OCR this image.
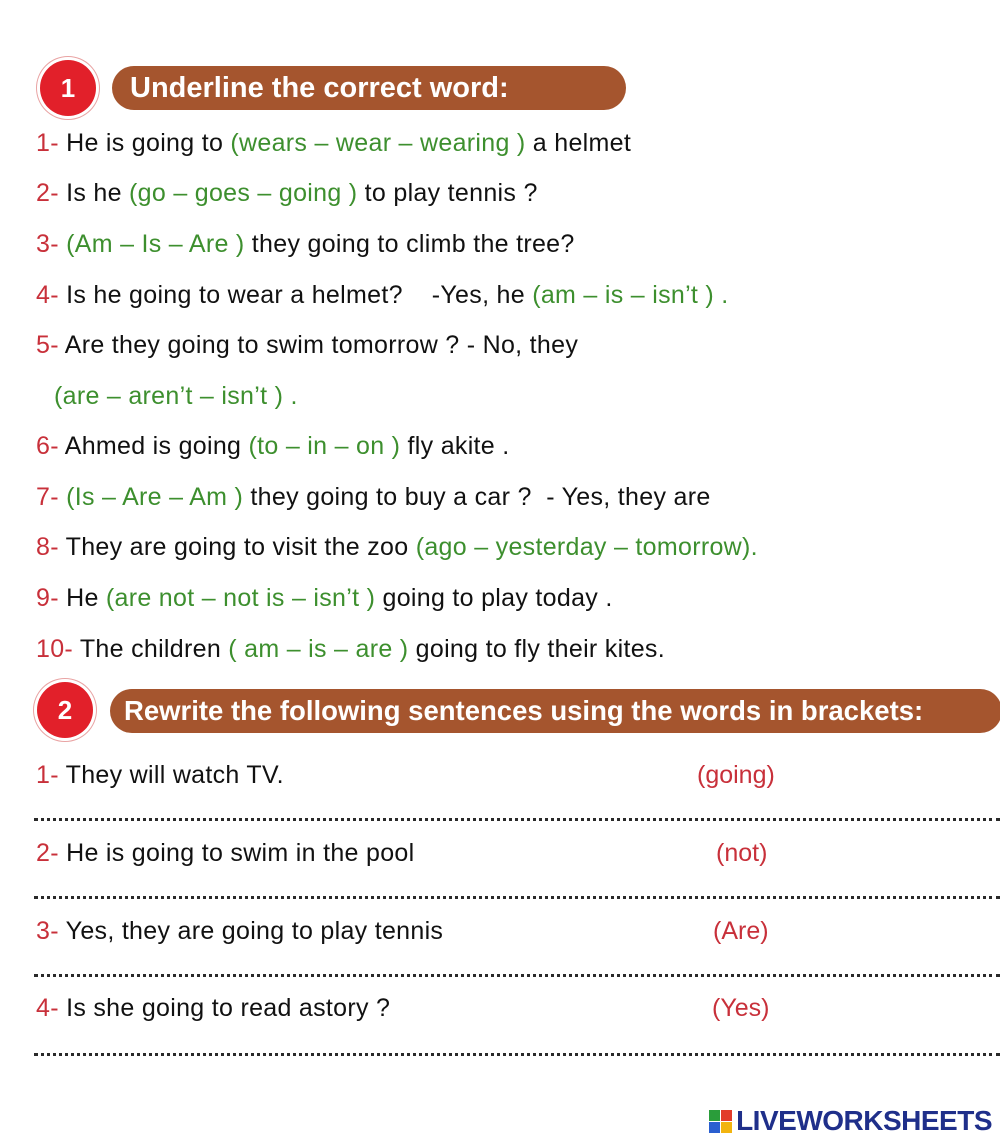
1 Underline the correct word:
1- He is going to (wears – wear – wearing ) a helmet
2- Is he (go – goes – going ) to play tennis ?
3- (Am – Is – Are ) they going to climb the tree?
4- Is he going to wear a helmet?    -Yes, he (am – is – isn’t ) .
5- Are they going to swim tomorrow ? - No, they
(are – aren’t – isn’t ) .
6- Ahmed is going (to – in – on ) fly akite .
7- (Is – Are – Am ) they going to buy a car ?  - Yes, they are
8- They are going to visit the zoo (ago – yesterday – tomorrow).
9- He (are not – not is – isn’t ) going to play today .
10- The children ( am – is – are ) going to fly their kites.
2 Rewrite the following sentences using the words in brackets:
1- They will watch TV.	(going)
2- He is going to swim in the pool	(not)
3- Yes, they are going to play tennis	(Are)
4- Is she going to read astory ?	(Yes)
LIVEWORKSHEETS
